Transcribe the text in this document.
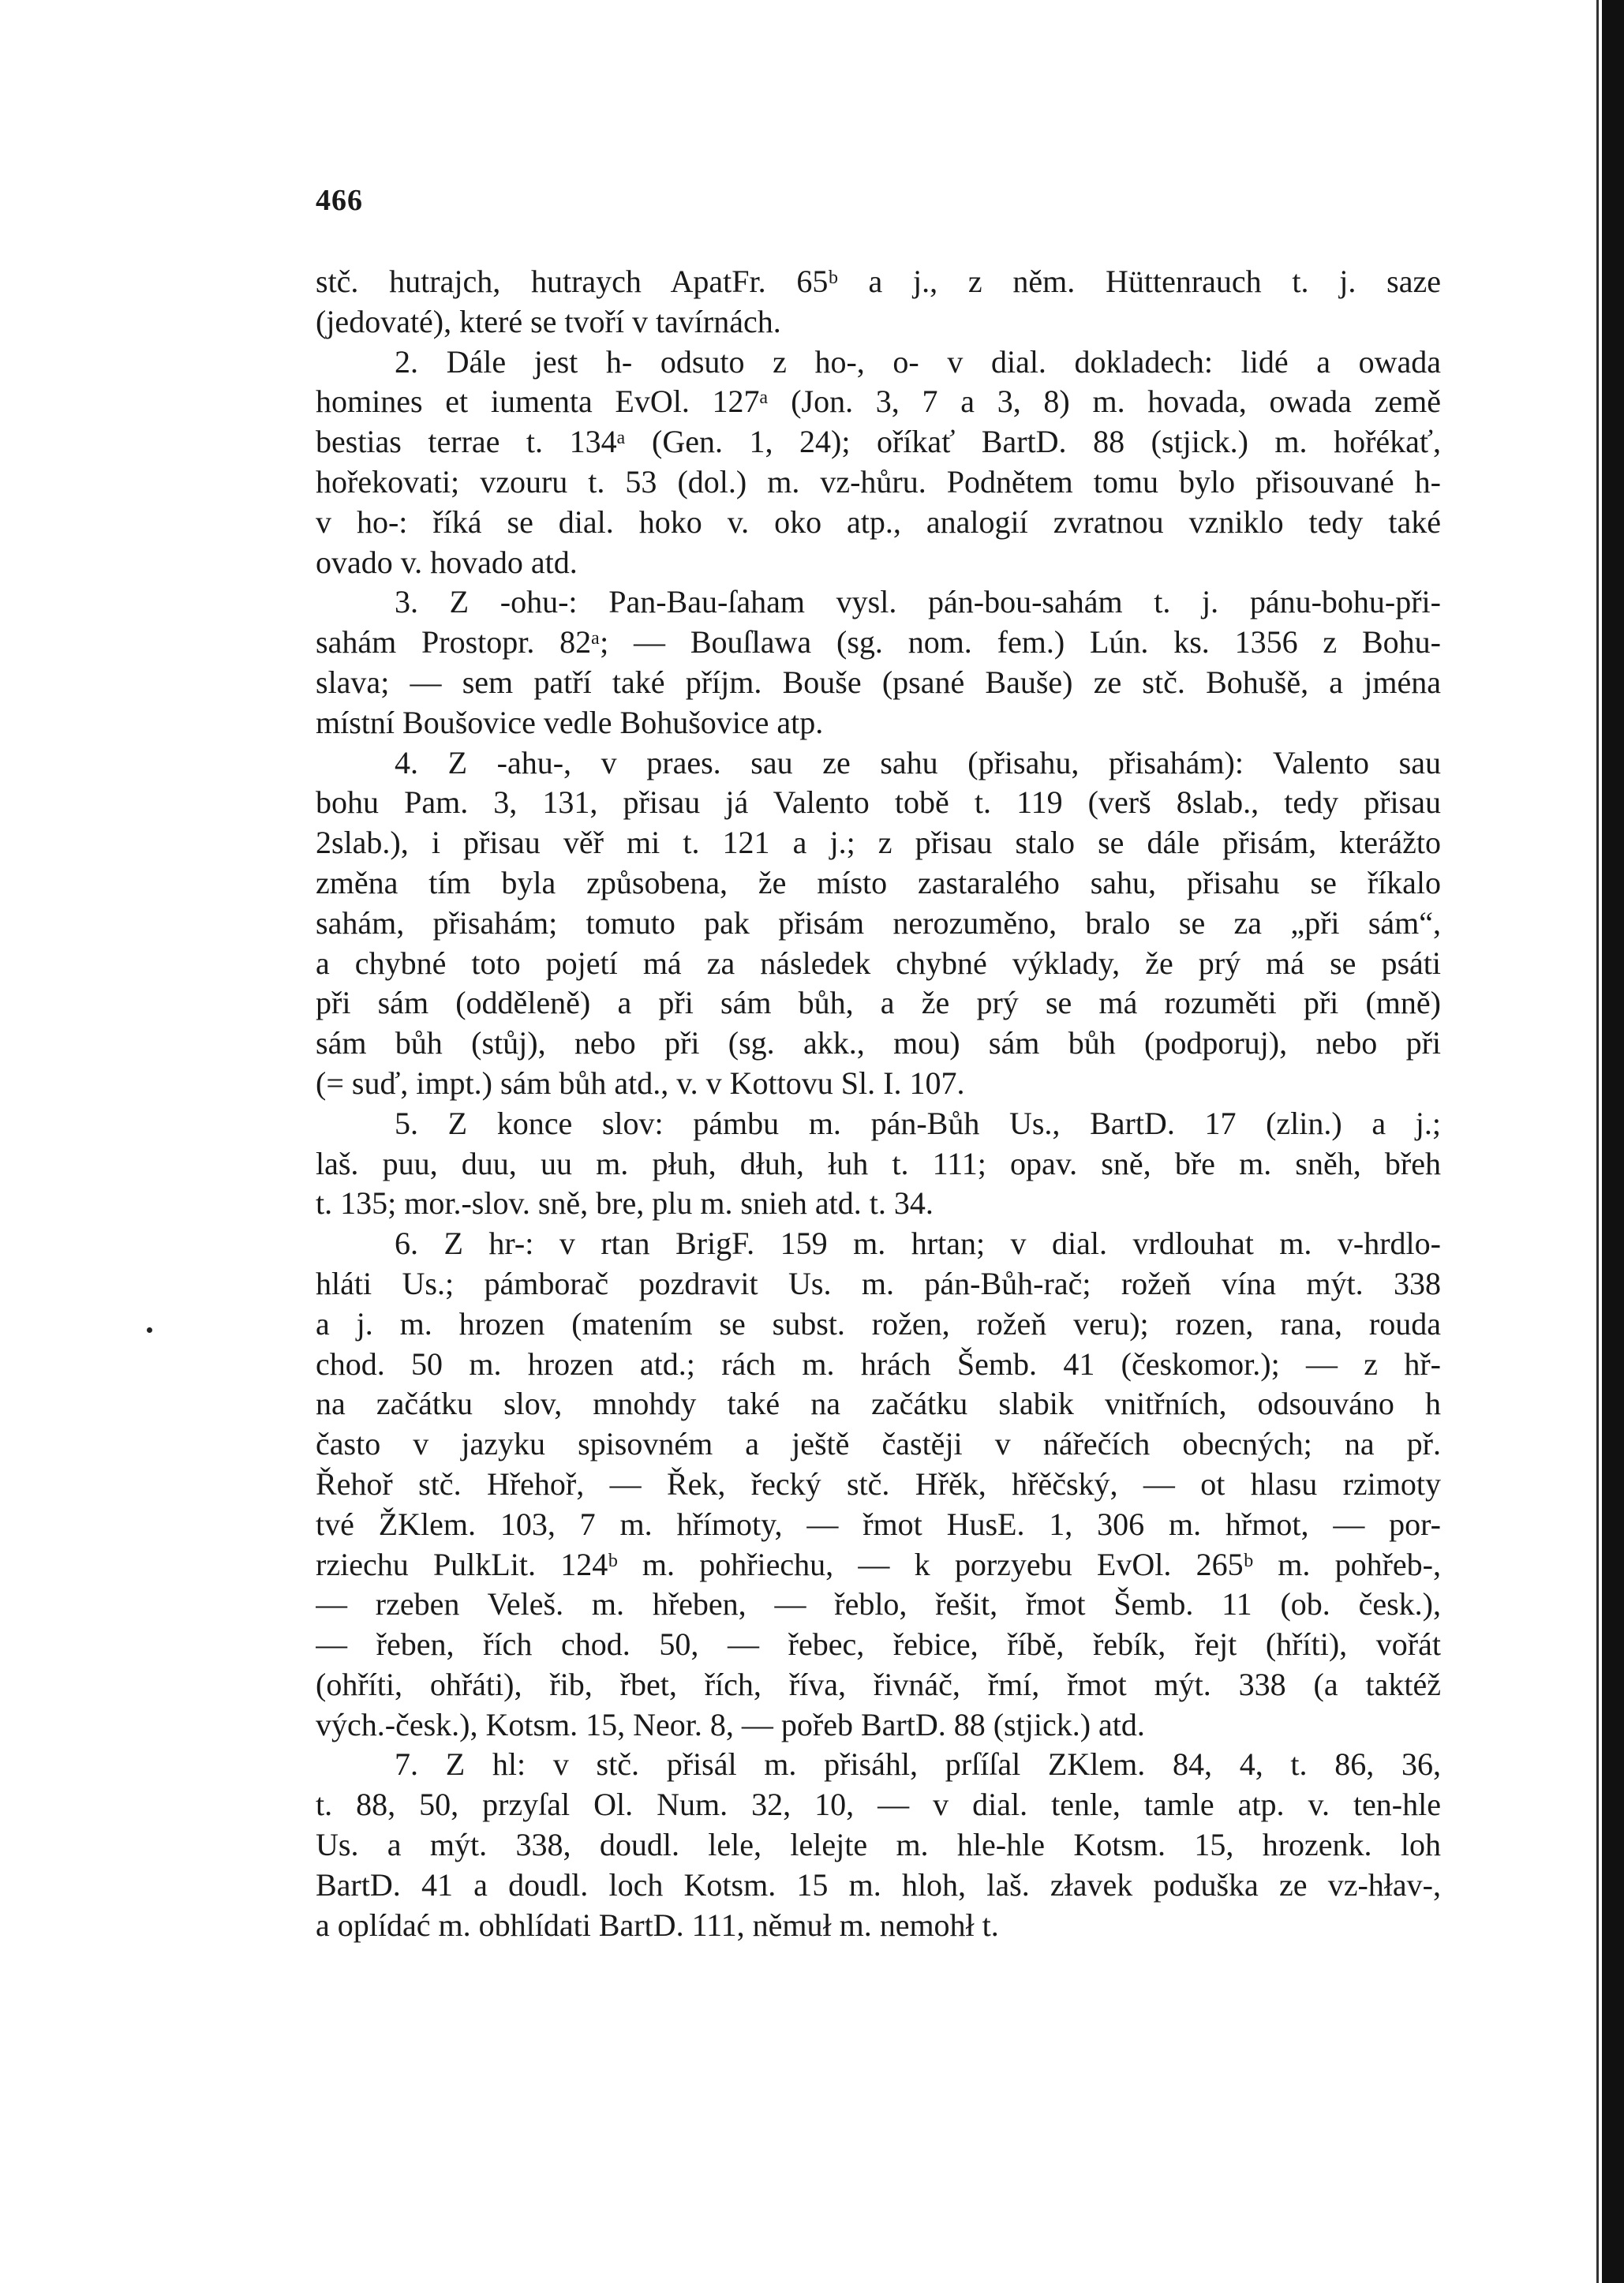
466
stč. hutrajch, hutraych ApatFr. 65ᵇ a j., z něm. Hüttenrauch t. j. saze
(jedovaté), které se tvoří v tavírnách.
2. Dále jest h- odsuto z ho-, o- v dial. dokladech: lidé a owada
homines et iumenta EvOl. 127ᵃ (Jon. 3, 7 a 3, 8) m. hovada, owada země
bestias terrae t. 134ᵃ (Gen. 1, 24); oříkať BartD. 88 (stjick.) m. hořékať,
hořekovati; vzouru t. 53 (dol.) m. vz-hůru. Podnětem tomu bylo přisouvané h-
v ho-: říká se dial. hoko v. oko atp., analogií zvratnou vzniklo tedy také
ovado v. hovado atd.
3. Z -ohu-: Pan-Bau-ſaham vysl. pán-bou-sahám t. j. pánu-bohu-při-
sahám Prostopr. 82ᵃ; — Bouſlawa (sg. nom. fem.) Lún. ks. 1356 z Bohu-
slava; — sem patří také příjm. Bouše (psané Bauše) ze stč. Bohušě, a jména
místní Boušovice vedle Bohušovice atp.
4. Z -ahu-, v praes. sau ze sahu (přisahu, přisahám): Valento sau
bohu Pam. 3, 131, přisau já Valento tobě t. 119 (verš 8slab., tedy přisau
2slab.), i přisau věř mi t. 121 a j.; z přisau stalo se dále přisám, kterážto
změna tím byla způsobena, že místo zastaralého sahu, přisahu se říkalo
sahám, přisahám; tomuto pak přisám nerozuměno, bralo se za „při sám“,
a chybné toto pojetí má za následek chybné výklady, že prý má se psáti
při sám (odděleně) a při sám bůh, a že prý se má rozuměti při (mně)
sám bůh (stůj), nebo při (sg. akk., mou) sám bůh (podporuj), nebo při
(= suď, impt.) sám bůh atd., v. v Kottovu Sl. I. 107.
5. Z konce slov: pámbu m. pán-Bůh Us., BartD. 17 (zlin.) a j.;
laš. puu, duu, uu m. płuh, dłuh, łuh t. 111; opav. sně, bře m. sněh, břeh
t. 135; mor.-slov. sně, bre, plu m. snieh atd. t. 34.
6. Z hr-: v rtan BrigF. 159 m. hrtan; v dial. vrdlouhat m. v-hrdlo-
hláti Us.; pámborač pozdravit Us. m. pán-Bůh-rač; rožeň vína mýt. 338
a j. m. hrozen (matením se subst. rožen, rožeň veru); rozen, rana, rouda
chod. 50 m. hrozen atd.; rách m. hrách Šemb. 41 (českomor.); — z hř-
na začátku slov, mnohdy také na začátku slabik vnitřních, odsouváno h
často v jazyku spisovném a ještě častěji v nářečích obecných; na př.
Řehoř stč. Hřehoř, — Řek, řecký stč. Hřěk, hřěčský, — ot hlasu rzimoty
tvé ŽKlem. 103, 7 m. hřímoty, — řmot HusE. 1, 306 m. hřmot, — por-
rziechu PulkLit. 124ᵇ m. pohřiechu, — k porzyebu EvOl. 265ᵇ m. pohřeb-,
— rzeben Veleš. m. hřeben, — řeblo, řešit, řmot Šemb. 11 (ob. česk.),
— řeben, řích chod. 50, — řebec, řebice, říbě, řebík, řejt (hříti), vořát
(ohříti, ohřáti), řib, řbet, řích, říva, řivnáč, řmí, řmot mýt. 338 (a taktéž
vých.-česk.), Kotsm. 15, Neor. 8, — pořeb BartD. 88 (stjick.) atd.
7. Z hl: v stč. přisál m. přisáhl, prſíſal ZKlem. 84, 4, t. 86, 36,
t. 88, 50, przyſal Ol. Num. 32, 10, — v dial. tenle, tamle atp. v. ten-hle
Us. a mýt. 338, doudl. lele, lelejte m. hle-hle Kotsm. 15, hrozenk. loh
BartD. 41 a doudl. loch Kotsm. 15 m. hloh, laš. złavek poduška ze vz-hłav-,
a oplídać m. obhlídati BartD. 111, němuł m. nemohł t.
